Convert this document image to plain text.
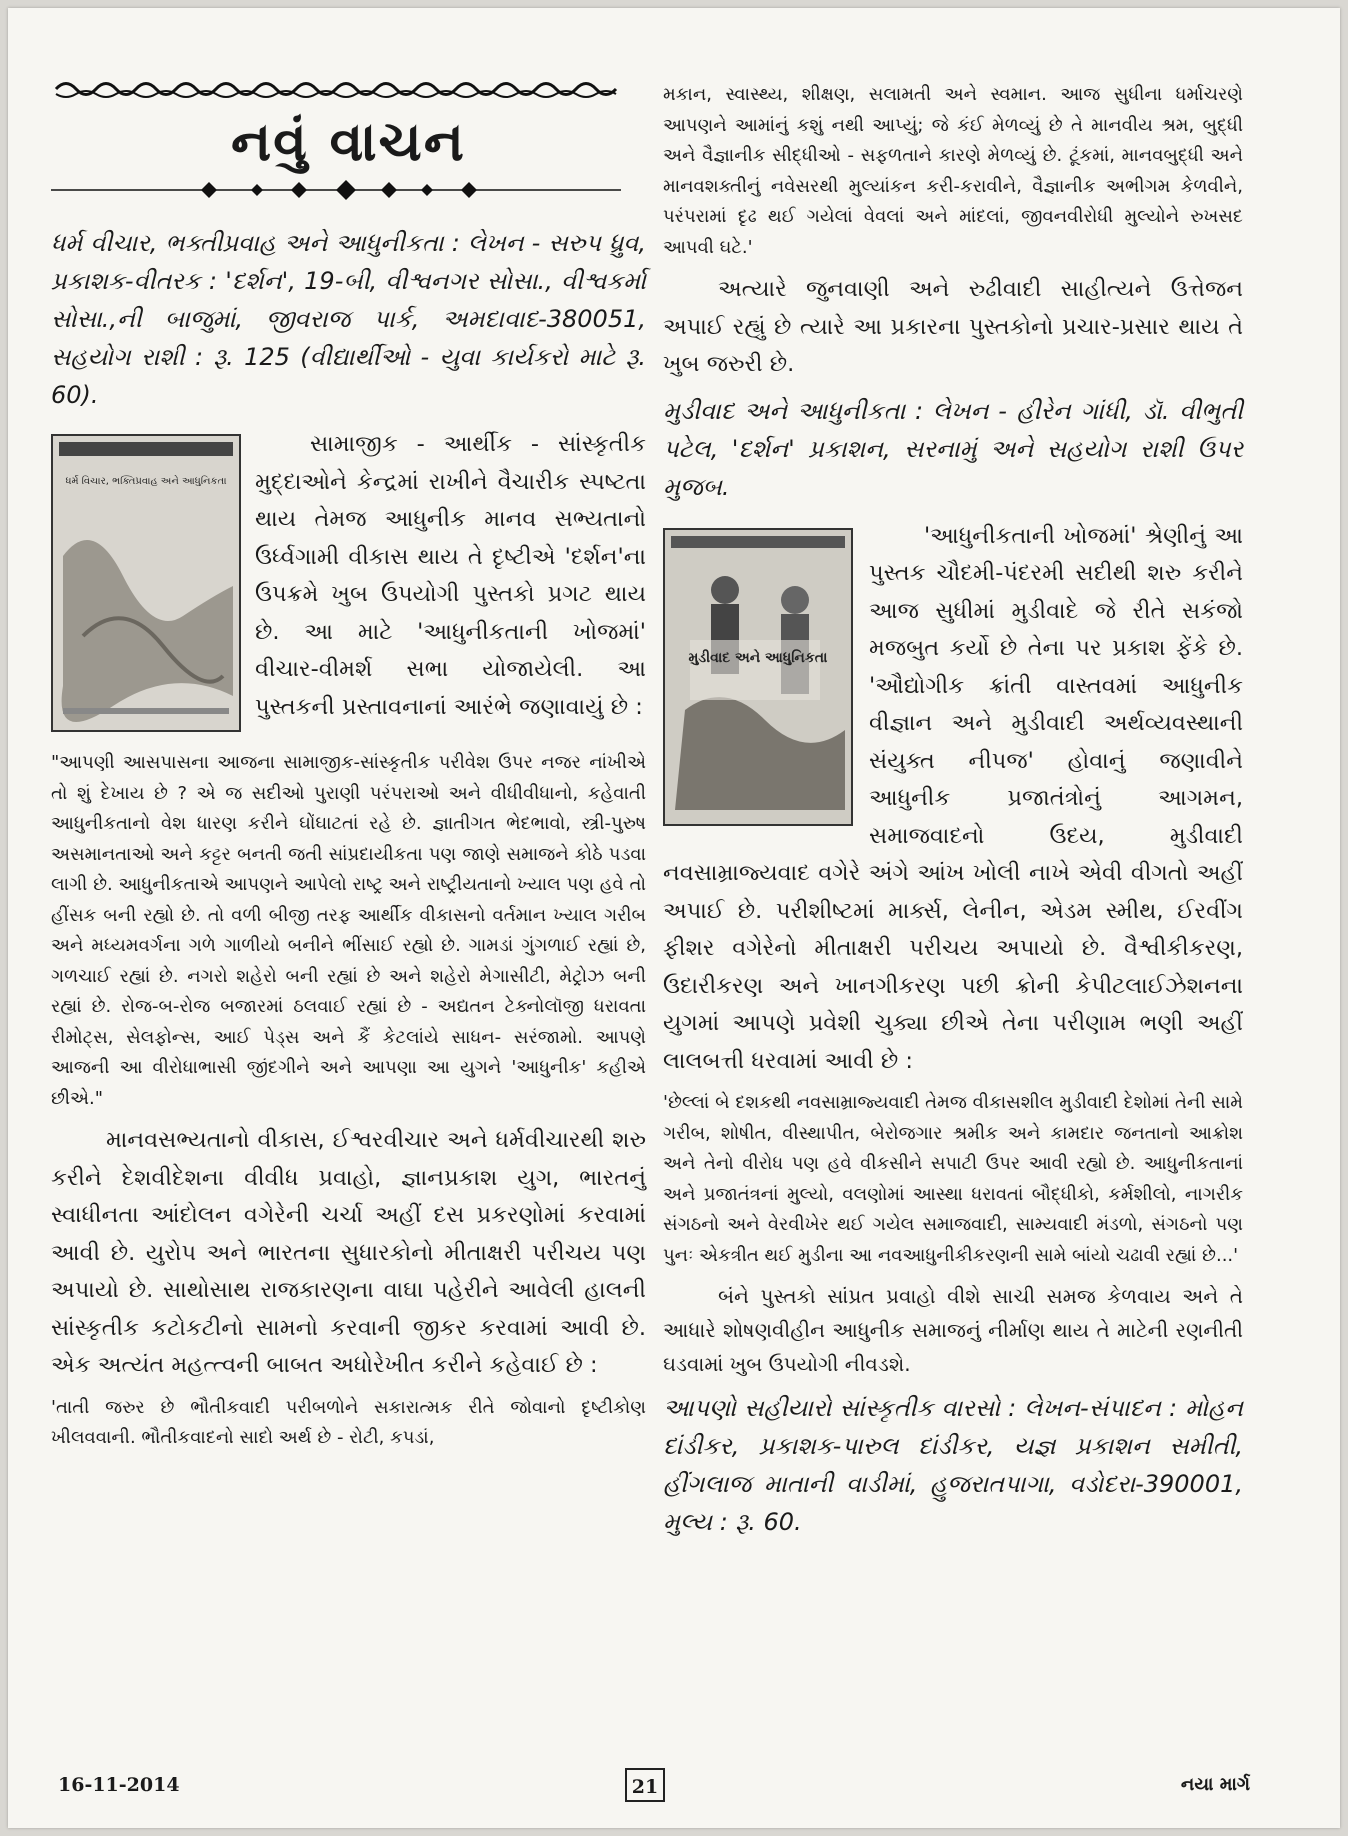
નવું વાચન

ધર્મ વીચાર, ભક્તીપ્રવાહ અને આધુનીકતા : લેખન - સરુપ ધ્રુવ, પ્રકાશક-વીતરક : 'દર્શન', 19-બી, વીશ્વનગર સોસા., વીશ્વકર્મા સોસા.,ની બાજુમાં, જીવરાજ પાર્ક, અમદાવાદ-380051, સહયોગ રાશી : રૂ. 125 (વીદ્યાર્થીઓ - યુવા કાર્યકરો માટે રૂ. 60).

ધર્મ વિચાર, ભક્તિપ્રવાહ અને આધુનિકતા

સામાજીક - આર્થીક - સાંસ્કૃતીક મુદ્દાઓને કેન્દ્રમાં રાખીને વૈચારીક સ્પષ્ટતા થાય તેમજ આધુનીક માનવ સભ્યતાનો ઉર્ધ્વગામી વીકાસ થાય તે દૃષ્ટીએ 'દર્શન'ના ઉપક્રમે ખુબ ઉપયોગી પુસ્તકો પ્રગટ થાય છે. આ માટે 'આધુનીકતાની ખોજમાં' વીચાર-વીમર્શ સભા યોજાયેલી. આ પુસ્તકની પ્રસ્તાવનાનાં આરંભે જણાવાયું છે :

"આપણી આસપાસના આજના સામાજીક-સાંસ્કૃતીક પરીવેશ ઉપર નજર નાંખીએ તો શું દેખાય છે ? એ જ સદીઓ પુરાણી પરંપરાઓ અને વીધીવીધાનો, કહેવાતી આધુનીકતાનો વેશ ધારણ કરીને ઘોંઘાટતાં રહે છે. જ્ઞાતીગત ભેદભાવો, સ્ત્રી-પુરુષ અસમાનતાઓ અને કટ્ટર બનતી જતી સાંપ્રદાયીકતા પણ જાણે સમાજને કોઠે પડવા લાગી છે. આધુનીકતાએ આપણને આપેલો રાષ્ટ્ર અને રાષ્ટ્રીયતાનો ખ્યાલ પણ હવે તો હીંસક બની રહ્યો છે. તો વળી બીજી તરફ આર્થીક વીકાસનો વર્તમાન ખ્યાલ ગરીબ અને મધ્યમવર્ગના ગળે ગાળીયો બનીને ભીંસાઈ રહ્યો છે. ગામડાં ગુંગળાઈ રહ્યાં છે, ગળચાઈ રહ્યાં છે. નગરો શહેરો બની રહ્યાં છે અને શહેરો મેગાસીટી, મેટ્રોઝ બની રહ્યાં છે. રોજ-બ-રોજ બજારમાં ઠલવાઈ રહ્યાં છે - અદ્યતન ટેક્નોલૉજી ધરાવતા રીમોટ્સ, સેલફોન્સ, આઈ પેડ્સ અને કૈં કેટલાંયે સાધન- સરંજામો. આપણે આજની આ વીરોધાભાસી જીંદગીને અને આપણા આ યુગને 'આધુનીક' કહીએ છીએ."

માનવસભ્યતાનો વીકાસ, ઈશ્વરવીચાર અને ધર્મવીચારથી શરુ કરીને દેશવીદેશના વીવીધ પ્રવાહો, જ્ઞાનપ્રકાશ યુગ, ભારતનું સ્વાધીનતા આંદોલન વગેરેની ચર્ચા અહીં દસ પ્રકરણોમાં કરવામાં આવી છે. યુરોપ અને ભારતના સુધારકોનો મીતાક્ષરી પરીચય પણ અપાયો છે. સાથોસાથ રાજકારણના વાઘા પહેરીને આવેલી હાલની સાંસ્કૃતીક કટોકટીનો સામનો કરવાની જીકર કરવામાં આવી છે. એક અત્યંત મહત્ત્વની બાબત અધોરેખીત કરીને કહેવાઈ છે :

'તાતી જરુર છે ભૌતીકવાદી પરીબળોને સકારાત્મક રીતે જોવાનો દૃષ્ટીકોણ ખીલવવાની. ભૌતીકવાદનો સાદો અર્થ છે - રોટી, કપડાં,

મકાન, સ્વાસ્થ્ય, શીક્ષણ, સલામતી અને સ્વમાન. આજ સુધીના ધર્માચરણે આપણને આમાંનું કશું નથી આપ્યું; જે કંઈ મેળવ્યું છે તે માનવીય શ્રમ, બુદ્ધી અને વૈજ્ઞાનીક સીદ્ધીઓ - સફળતાને કારણે મેળવ્યું છે. ટૂંકમાં, માનવબુદ્ધી અને માનવશક્તીનું નવેસરથી મુલ્યાંકન કરી-કરાવીને, વૈજ્ઞાનીક અભીગમ કેળવીને, પરંપરામાં દૃઢ થઈ ગયેલાં વેવલાં અને માંદલાં, જીવનવીરોધી મુલ્યોને રુખસદ આપવી ઘટે.'

અત્યારે જુનવાણી અને રુઢીવાદી સાહીત્યને ઉત્તેજન અપાઈ રહ્યું છે ત્યારે આ પ્રકારના પુસ્તકોનો પ્રચાર-પ્રસાર થાય તે ખુબ જરુરી છે.

મુડીવાદ અને આધુનીકતા : લેખન - હીરેન ગાંધી, ડૉ. વીભુતી પટેલ, 'દર્શન' પ્રકાશન, સરનામું અને સહયોગ રાશી ઉપર મુજબ.

મુડીવાદ અને આધુનિકતા

'આધુનીકતાની ખોજમાં' શ્રેણીનું આ પુસ્તક ચૌદમી-પંદરમી સદીથી શરુ કરીને આજ સુધીમાં મુડીવાદે જે રીતે સકંજો મજબુત કર્યો છે તેના પર પ્રકાશ ફેંકે છે. 'ઔદ્યોગીક ક્રાંતી વાસ્તવમાં આધુનીક વીજ્ઞાન અને મુડીવાદી અર્થવ્યવસ્થાની સંયુક્ત નીપજ' હોવાનું જણાવીને આધુનીક પ્રજાતંત્રોનું આગમન, સમાજવાદનો ઉદય, મુડીવાદી નવસામ્રાજ્યવાદ વગેરે અંગે આંખ ખોલી નાખે એવી વીગતો અહીં અપાઈ છે. પરીશીષ્ટમાં માર્ક્સ, લેનીન, એડમ સ્મીથ, ઈરવીંગ ફીશર વગેરેનો મીતાક્ષરી પરીચય અપાયો છે. વૈશ્વીકીકરણ, ઉદારીકરણ અને ખાનગીકરણ પછી ક્રોની કેપીટલાઈઝેશનના યુગમાં આપણે પ્રવેશી ચુક્યા છીએ તેના પરીણામ ભણી અહીં લાલબત્તી ધરવામાં આવી છે :

'છેલ્લાં બે દશકથી નવસામ્રાજ્યવાદી તેમજ વીકાસશીલ મુડીવાદી દેશોમાં તેની સામે ગરીબ, શોષીત, વીસ્થાપીત, બેરોજગાર શ્રમીક અને કામદાર જનતાનો આક્રોશ અને તેનો વીરોધ પણ હવે વીકસીને સપાટી ઉપર આવી રહ્યો છે. આધુનીકતાનાં અને પ્રજાતંત્રનાં મુલ્યો, વલણોમાં આસ્થા ધરાવતાં બૌદ્ધીકો, કર્મશીલો, નાગરીક સંગઠનો અને વેરવીખેર થઈ ગયેલ સમાજવાદી, સામ્યવાદી મંડળો, સંગઠનો પણ પુનઃ એકત્રીત થઈ મુડીના આ નવઆધુનીકીકરણની સામે બાંયો ચઢાવી રહ્યાં છે...'

બંને પુસ્તકો સાંપ્રત પ્રવાહો વીશે સાચી સમજ કેળવાય અને તે આધારે શોષણવીહીન આધુનીક સમાજનું નીર્માણ થાય તે માટેની રણનીતી ઘડવામાં ખુબ ઉપયોગી નીવડશે.

આપણો સહીયારો સાંસ્કૃતીક વારસો : લેખન-સંપાદન : મોહન દાંડીકર, પ્રકાશક-પારુલ દાંડીકર, યજ્ઞ પ્રકાશન સમીતી, હીંગલાજ માતાની વાડીમાં, હુજરાતપાગા, વડોદરા-390001, મુલ્ય : રૂ. 60.

16-11-2014	21	નયા માર્ગ
